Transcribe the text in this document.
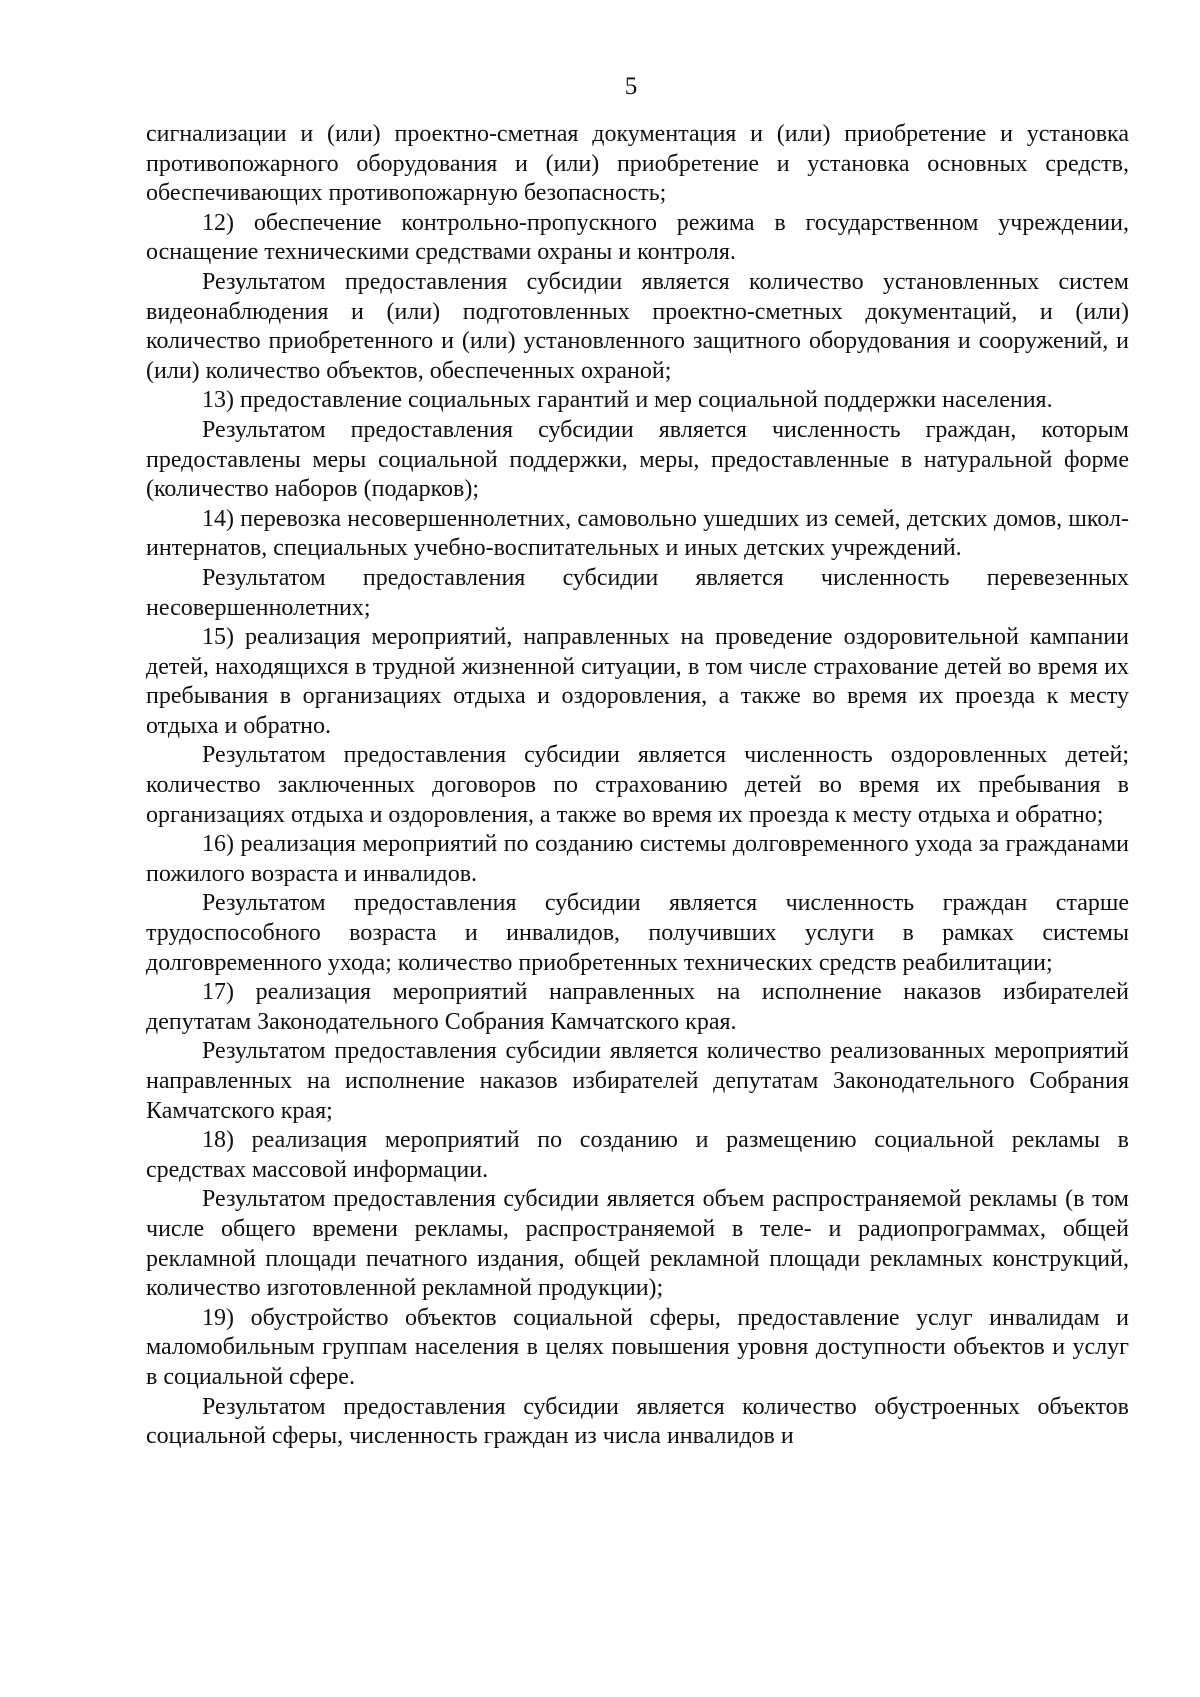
5

сигнализации и (или) проектно-сметная документация и (или) приобретение и установка противопожарного оборудования и (или) приобретение и установка основных средств, обеспечивающих противопожарную безопасность;

12) обеспечение контрольно-пропускного режима в государственном учреждении, оснащение техническими средствами охраны и контроля.

Результатом предоставления субсидии является количество установленных систем видеонаблюдения и (или) подготовленных проектно-сметных документаций, и (или) количество приобретенного и (или) установленного защитного оборудования и сооружений, и (или) количество объектов, обеспеченных охраной;

13) предоставление социальных гарантий и мер социальной поддержки населения.

Результатом предоставления субсидии является численность граждан, которым предоставлены меры социальной поддержки, меры, предоставленные в натуральной форме (количество наборов (подарков);

14) перевозка несовершеннолетних, самовольно ушедших из семей, детских домов, школ-интернатов, специальных учебно-воспитательных и иных детских учреждений.

Результатом предоставления субсидии является численность перевезенных несовершеннолетних;

15) реализация мероприятий, направленных на проведение оздоровительной кампании детей, находящихся в трудной жизненной ситуации, в том числе страхование детей во время их пребывания в организациях отдыха и оздоровления, а также во время их проезда к месту отдыха и обратно.

Результатом предоставления субсидии является численность оздоровленных детей; количество заключенных договоров по страхованию детей во время их пребывания в организациях отдыха и оздоровления, а также во время их проезда к месту отдыха и обратно;

16) реализация мероприятий по созданию системы долговременного ухода за гражданами пожилого возраста и инвалидов.

Результатом предоставления субсидии является численность граждан старше трудоспособного возраста и инвалидов, получивших услуги в рамках системы долговременного ухода; количество приобретенных технических средств реабилитации;

17) реализация мероприятий направленных на исполнение наказов избирателей депутатам Законодательного Собрания Камчатского края.

Результатом предоставления субсидии является количество реализованных мероприятий направленных на исполнение наказов избирателей депутатам Законодательного Собрания Камчатского края;

18) реализация мероприятий по созданию и размещению социальной рекламы в средствах массовой информации.

Результатом предоставления субсидии является объем распространяемой рекламы (в том числе общего времени рекламы, распространяемой в теле- и радиопрограммах, общей рекламной площади печатного издания, общей рекламной площади рекламных конструкций, количество изготовленной рекламной продукции);

19) обустройство объектов социальной сферы, предоставление услуг инвалидам и маломобильным группам населения в целях повышения уровня доступности объектов и услуг в социальной сфере.

Результатом предоставления субсидии является количество обустроенных объектов социальной сферы, численность граждан из числа инвалидов и
